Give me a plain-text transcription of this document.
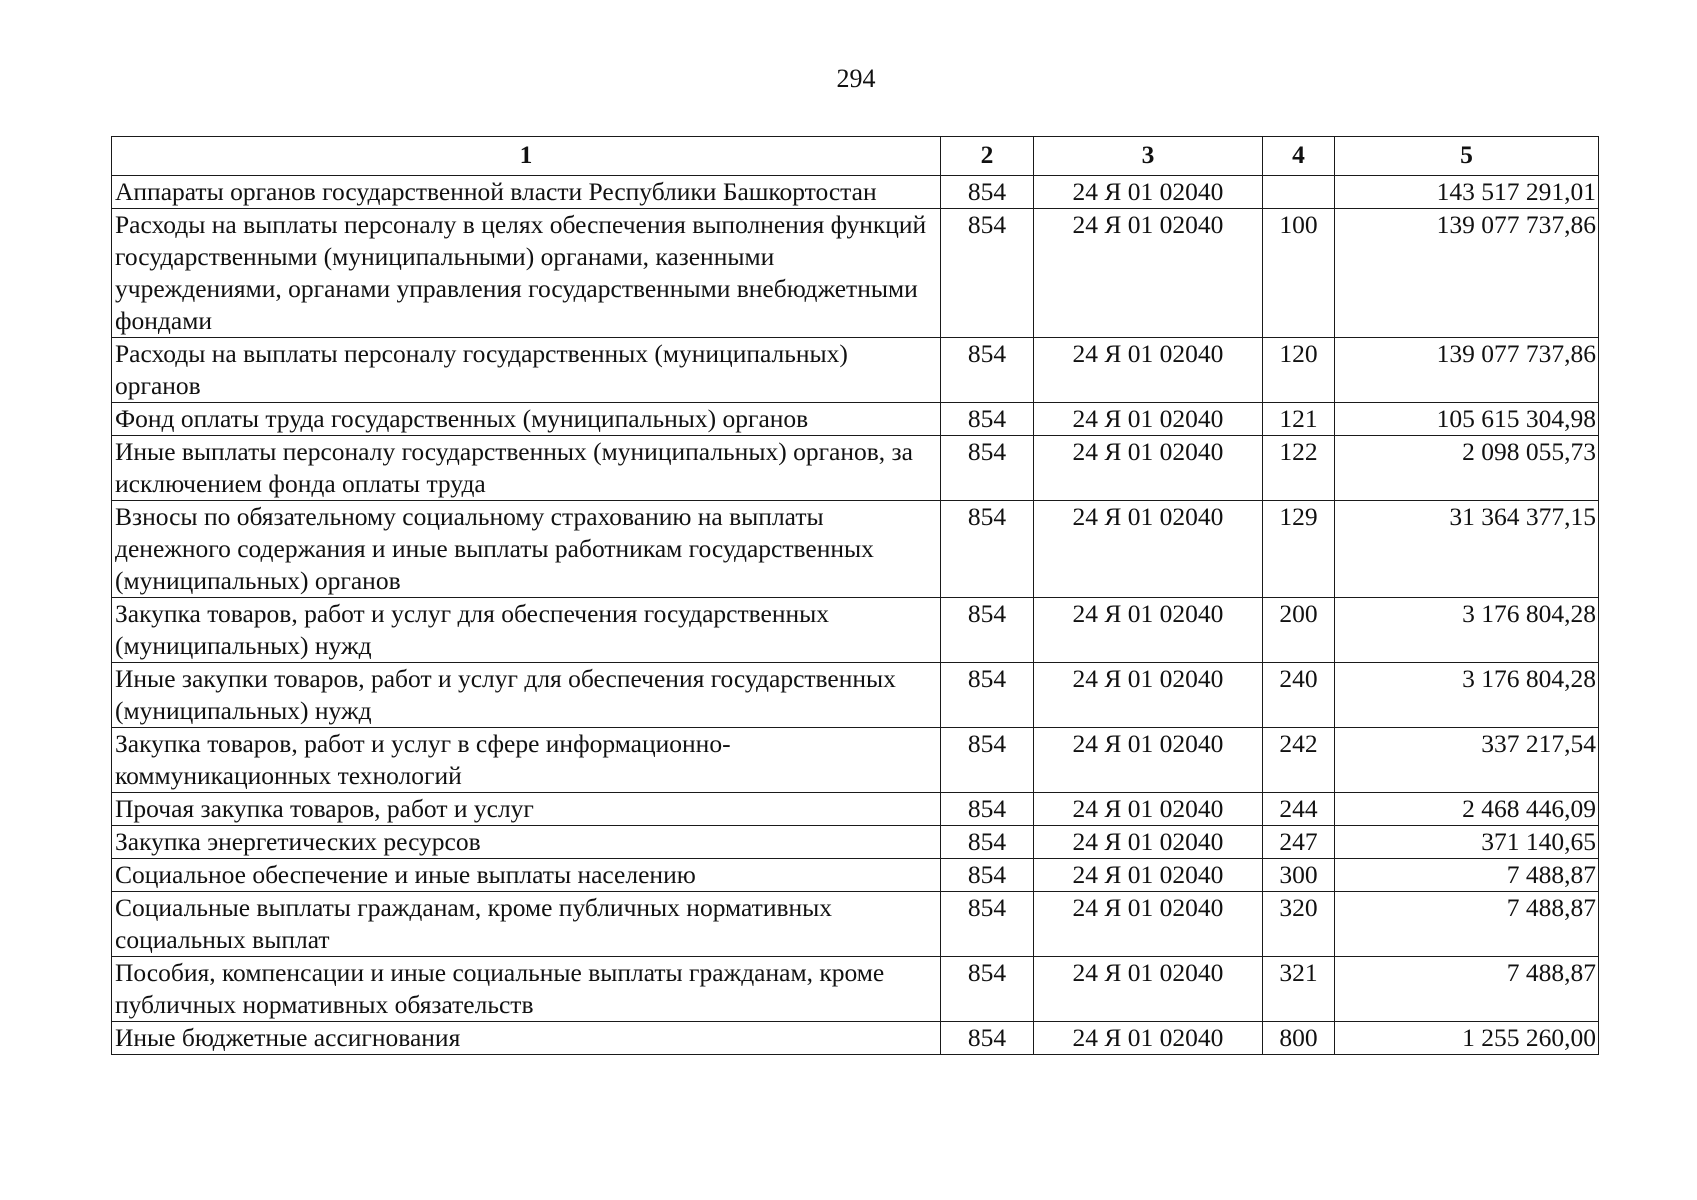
294
1	2	3	4	5
Аппараты органов государственной власти Республики Башкортостан	854	24 Я 01 02040		143 517 291,01
Расходы на выплаты персоналу в целях обеспечения выполнения функций государственными (муниципальными) органами, казенными учреждениями, органами управления государственными внебюджетными фондами	854	24 Я 01 02040	100	139 077 737,86
Расходы на выплаты персоналу государственных (муниципальных) органов	854	24 Я 01 02040	120	139 077 737,86
Фонд оплаты труда государственных (муниципальных) органов	854	24 Я 01 02040	121	105 615 304,98
Иные выплаты персоналу государственных (муниципальных) органов, за исключением фонда оплаты труда	854	24 Я 01 02040	122	2 098 055,73
Взносы по обязательному социальному страхованию на выплаты денежного содержания и иные выплаты работникам государственных (муниципальных) органов	854	24 Я 01 02040	129	31 364 377,15
Закупка товаров, работ и услуг для обеспечения государственных (муниципальных) нужд	854	24 Я 01 02040	200	3 176 804,28
Иные закупки товаров, работ и услуг для обеспечения государственных (муниципальных) нужд	854	24 Я 01 02040	240	3 176 804,28
Закупка товаров, работ и услуг в сфере информационно-коммуникационных технологий	854	24 Я 01 02040	242	337 217,54
Прочая закупка товаров, работ и услуг	854	24 Я 01 02040	244	2 468 446,09
Закупка энергетических ресурсов	854	24 Я 01 02040	247	371 140,65
Социальное обеспечение и иные выплаты населению	854	24 Я 01 02040	300	7 488,87
Социальные выплаты гражданам, кроме публичных нормативных социальных выплат	854	24 Я 01 02040	320	7 488,87
Пособия, компенсации и иные социальные выплаты гражданам, кроме публичных нормативных обязательств	854	24 Я 01 02040	321	7 488,87
Иные бюджетные ассигнования	854	24 Я 01 02040	800	1 255 260,00
